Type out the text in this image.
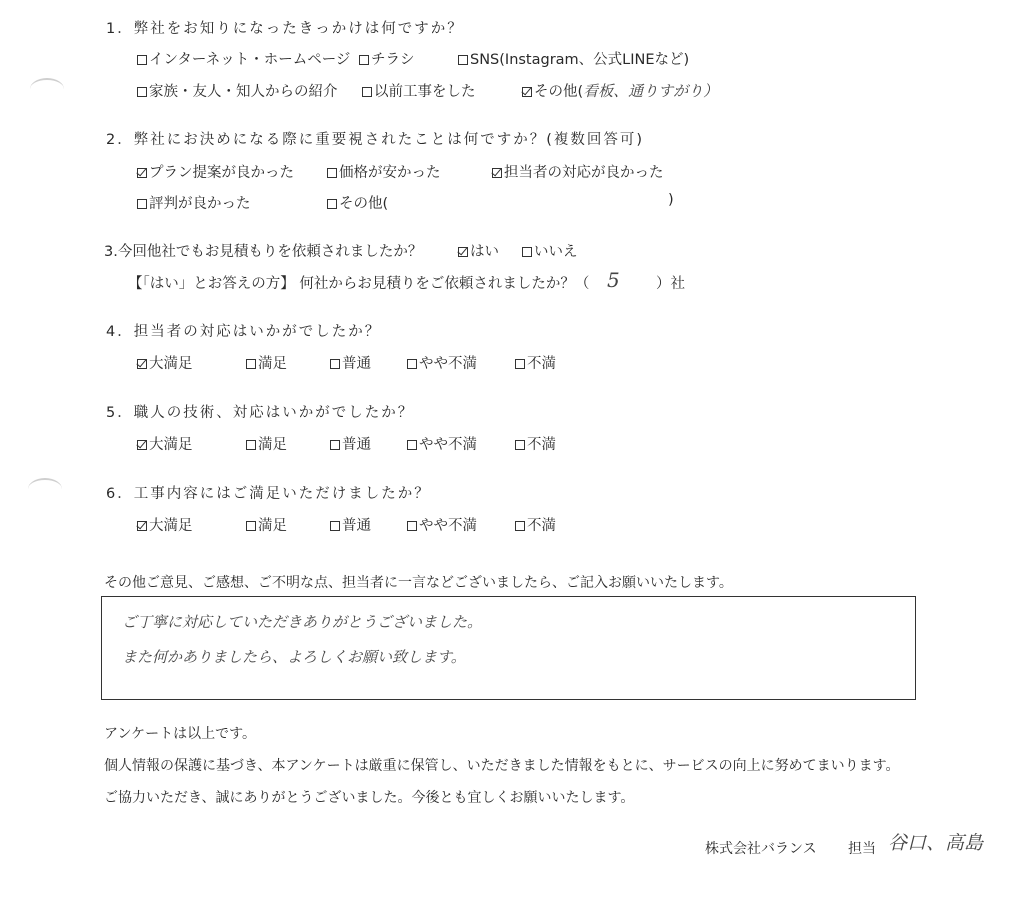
1．弊社をお知りになったきっかけは何ですか？
インターネット・ホームページ	チラシ	SNS(Instagram、公式LINEなど)
家族・友人・知人からの紹介	以前工事をした	その他(看板、通りすがり）
2．弊社にお決めになる際に重要視されたことは何ですか？(複数回答可)
プラン提案が良かった	価格が安かった	担当者の対応が良かった
評判が良かった	その他(	)
3.今回他社でもお見積もりを依頼されましたか？	はい	いいえ
【「はい」とお答えの方】 何社からお見積りをご依頼されましたか？（ 5	）社
4．担当者の対応はいかがでしたか？
大満足	満足	普通	やや不満	不満
5．職人の技術、対応はいかがでしたか？
大満足	満足	普通	やや不満	不満
6．工事内容にはご満足いただけましたか？
大満足	満足	普通	やや不満	不満
その他ご意見、ご感想、ご不明な点、担当者に一言などございましたら、ご記入お願いいたします。
ご丁寧に対応していただきありがとうございました。
また何かありましたら、よろしくお願い致します。
アンケートは以上です。
個人情報の保護に基づき、本アンケートは厳重に保管し、いただきました情報をもとに、サービスの向上に努めてまいります。
ご協力いただき、誠にありがとうございました。今後とも宜しくお願いいたします。
株式会社バランス 担当 谷口、高島
